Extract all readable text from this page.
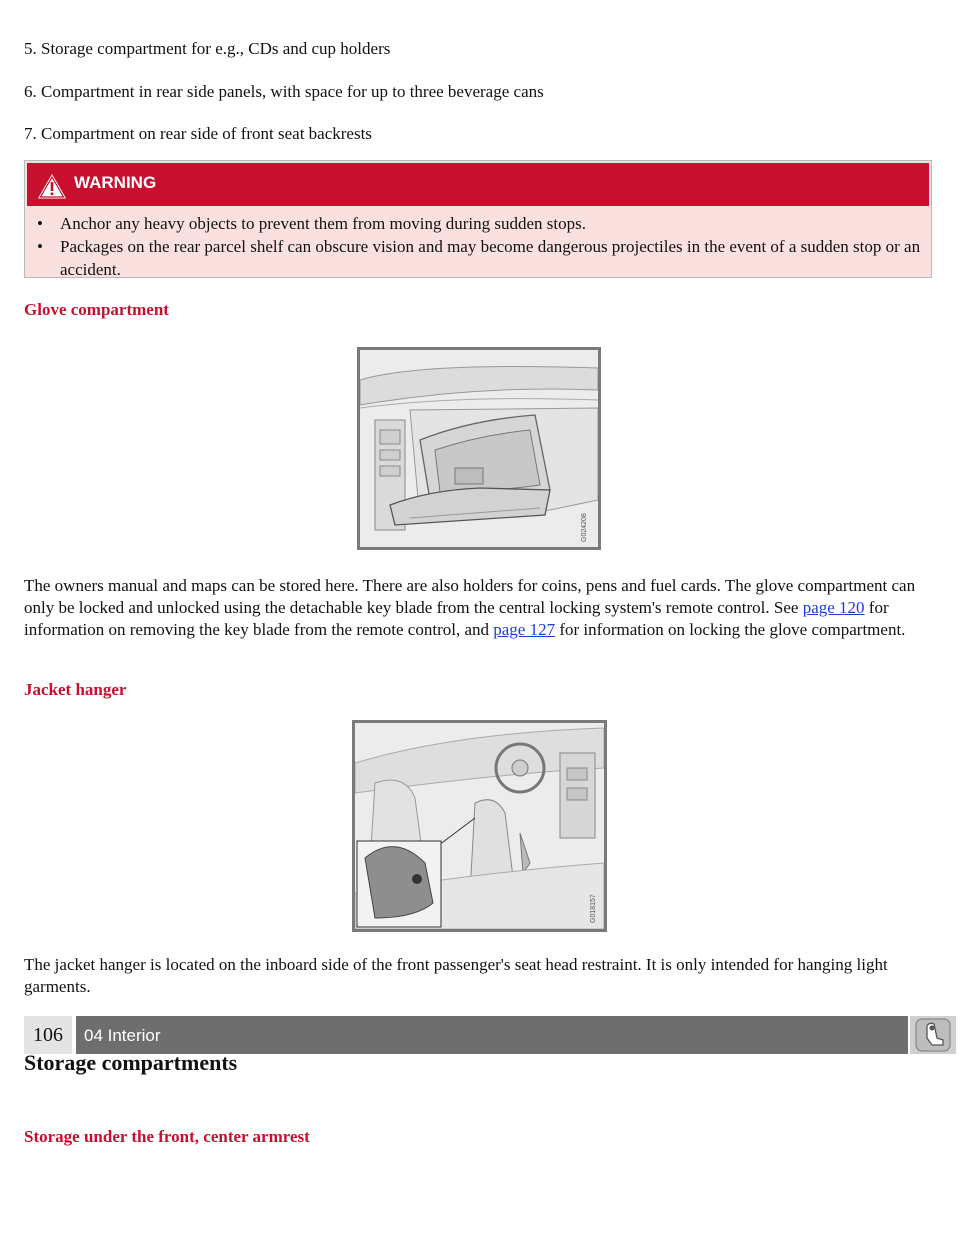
5. Storage compartment for e.g., CDs and cup holders

6. Compartment in rear side panels, with space for up to three beverage cans

7. Compartment on rear side of front seat backrests

WARNING
• Anchor any heavy objects to prevent them from moving during sudden stops.
• Packages on the rear parcel shelf can obscure vision and may become dangerous projectiles in the event of a sudden stop or an accident.
Glove compartment
G024208

The owners manual and maps can be stored here. There are also holders for coins, pens and fuel cards. The glove compartment can only be locked and unlocked using the detachable key blade from the central locking system's remote control. See page 120 for information on removing the key blade from the remote control, and page 127 for information on locking the glove compartment.

Jacket hanger
G018157

The jacket hanger is located on the inboard side of the front passenger's seat head restraint. It is only intended for hanging light garments.

106	04 Interior
Storage compartments
Storage under the front, center armrest
